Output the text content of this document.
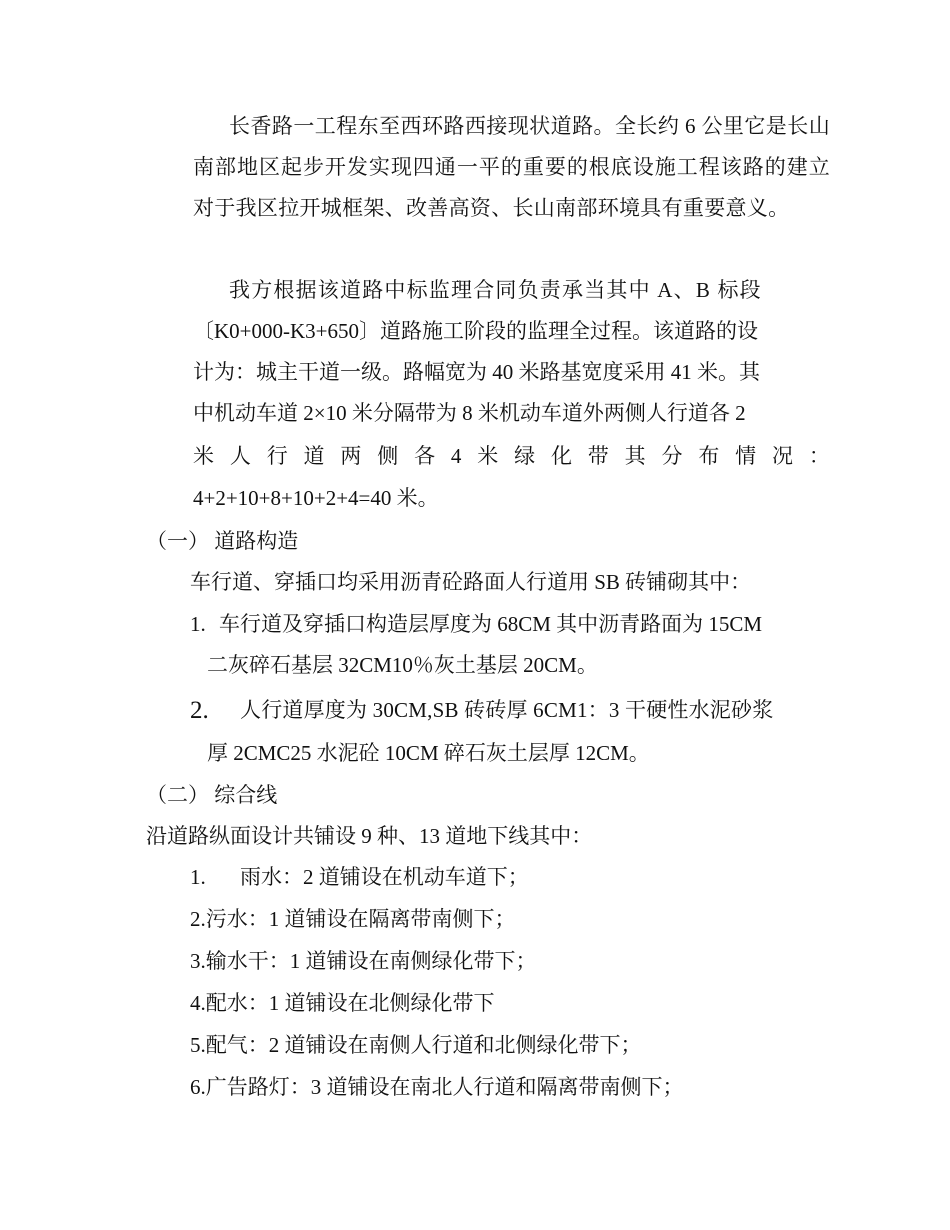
长香路一工程东至西环路西接现状道路。全长约 6 公里它是长山南部地区起步开发实现四通一平的重要的根底设施工程该路的建立对于我区拉开城框架、改善高资、长山南部环境具有重要意义。

我方根据该道路中标监理合同负责承当其中 A、B 标段
〔K0+000-K3+650〕道路施工阶段的监理全过程。该道路的设
计为：城主干道一级。路幅宽为 40 米路基宽度采用 41 米。其
中机动车道 2×10 米分隔带为 8 米机动车道外两侧人行道各 2
米 人 行 道 两 侧 各 4 米 绿 化 带 其 分 布 情 况 ：
4+2+10+8+10+2+4=40 米。
（一） 道路构造
车行道、穿插口均采用沥青砼路面人行道用 SB 砖铺砌其中：
1. 车行道及穿插口构造层厚度为 68CM 其中沥青路面为 15CM
二灰碎石基层 32CM10％灰土基层 20CM。
2. 人行道厚度为 30CM,SB 砖砖厚 6CM1：3 干硬性水泥砂浆
厚 2CMC25 水泥砼 10CM 碎石灰土层厚 12CM。
（二） 综合线
沿道路纵面设计共铺设 9 种、13 道地下线其中：
1. 雨水：2 道铺设在机动车道下；
2.污水：1 道铺设在隔离带南侧下；
3.输水干：1 道铺设在南侧绿化带下；
4.配水：1 道铺设在北侧绿化带下
5.配气：2 道铺设在南侧人行道和北侧绿化带下；
6.广告路灯：3 道铺设在南北人行道和隔离带南侧下；
